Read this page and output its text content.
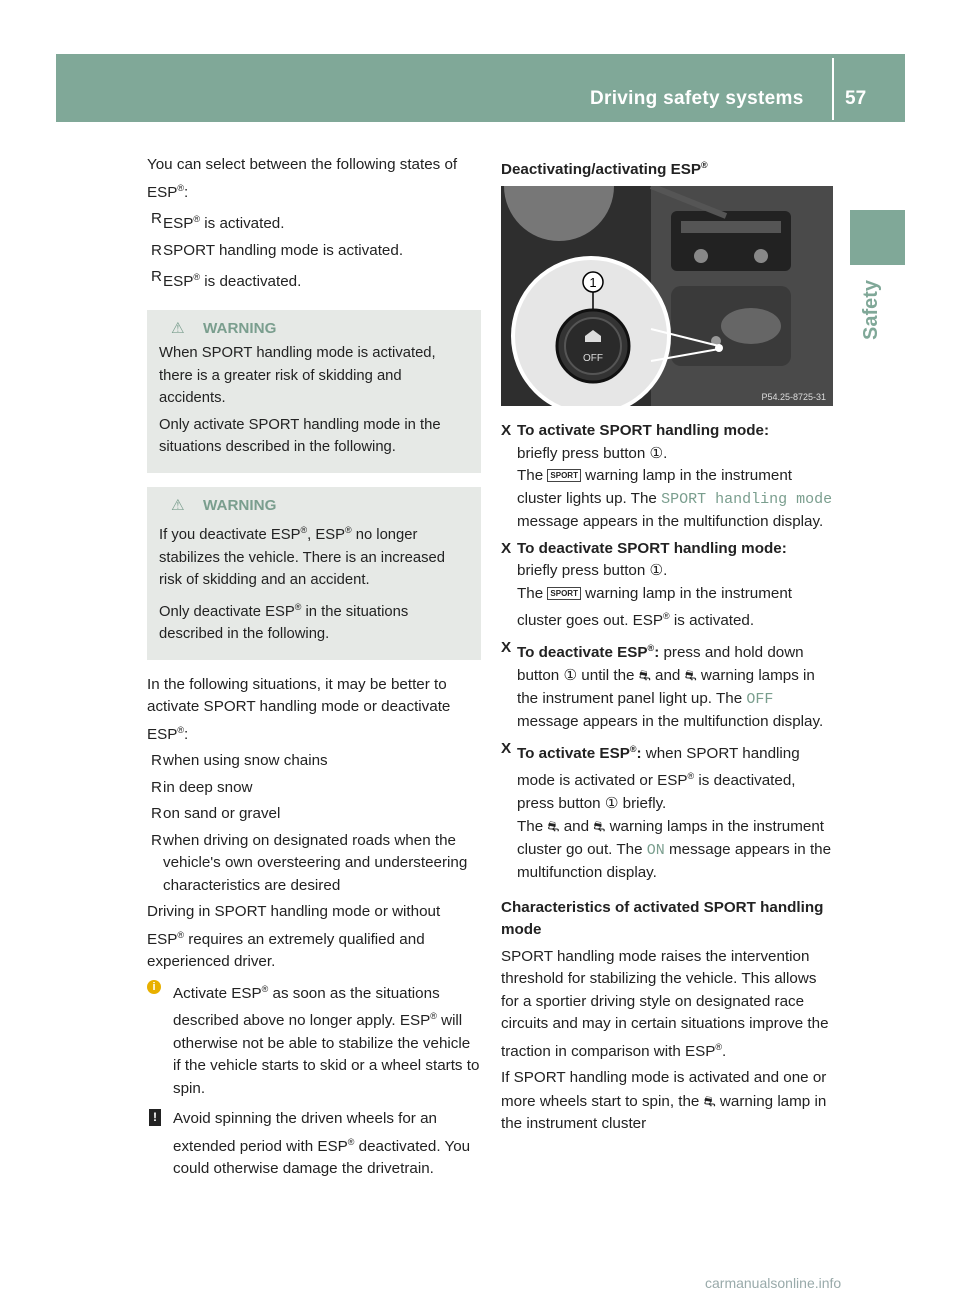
Driving safety systems 57
Safety

You can select between the following states of ESP®:

R ESP® is activated.
R SPORT handling mode is activated.
R ESP® is deactivated.
⚠ WARNING

When SPORT handling mode is activated, there is a greater risk of skidding and accidents.

Only activate SPORT handling mode in the situations described in the following.

⚠ WARNING

If you deactivate ESP®, ESP® no longer stabilizes the vehicle. There is an increased risk of skidding and an accident.

Only deactivate ESP® in the situations described in the following.

In the following situations, it may be better to activate SPORT handling mode or deactivate ESP®:

R when using snow chains
R in deep snow
R on sand or gravel
R when driving on designated roads when the vehicle's own oversteering and understeering characteristics are desired

Driving in SPORT handling mode or without ESP® requires an extremely qualified and experienced driver.

i	Activate ESP® as soon as the situations described above no longer apply. ESP® will otherwise not be able to stabilize the vehicle if the vehicle starts to skid or a wheel starts to spin.
! Avoid spinning the driven wheels for an extended period with ESP® deactivated. You could otherwise damage the drivetrain.
Deactivating/activating ESP®
1
OFF
P54.25-8725-31
X To activate SPORT handling mode:
briefly press button ①.
The SPORT warning lamp in the instrument cluster lights up. The SPORT handling mode message appears in the multifunction display.
X To deactivate SPORT handling mode:
briefly press button ①.
The SPORT warning lamp in the instrument cluster goes out. ESP® is activated.
X To deactivate ESP®: press and hold down button ① until the ⛐ and ⛐ warning lamps in the instrument panel light up. The OFF message appears in the multifunction display.
X To activate ESP®: when SPORT handling mode is activated or ESP® is deactivated, press button ① briefly.
The ⛐ and ⛐ warning lamps in the instrument cluster go out. The ON message appears in the multifunction display.
Characteristics of activated SPORT handling mode

SPORT handling mode raises the intervention threshold for stabilizing the vehicle. This allows for a sportier driving style on designated race circuits and may in certain situations improve the traction in comparison with ESP®.

If SPORT handling mode is activated and one or more wheels start to spin, the ⛐ warning lamp in the instrument cluster

carmanualsonline.info
